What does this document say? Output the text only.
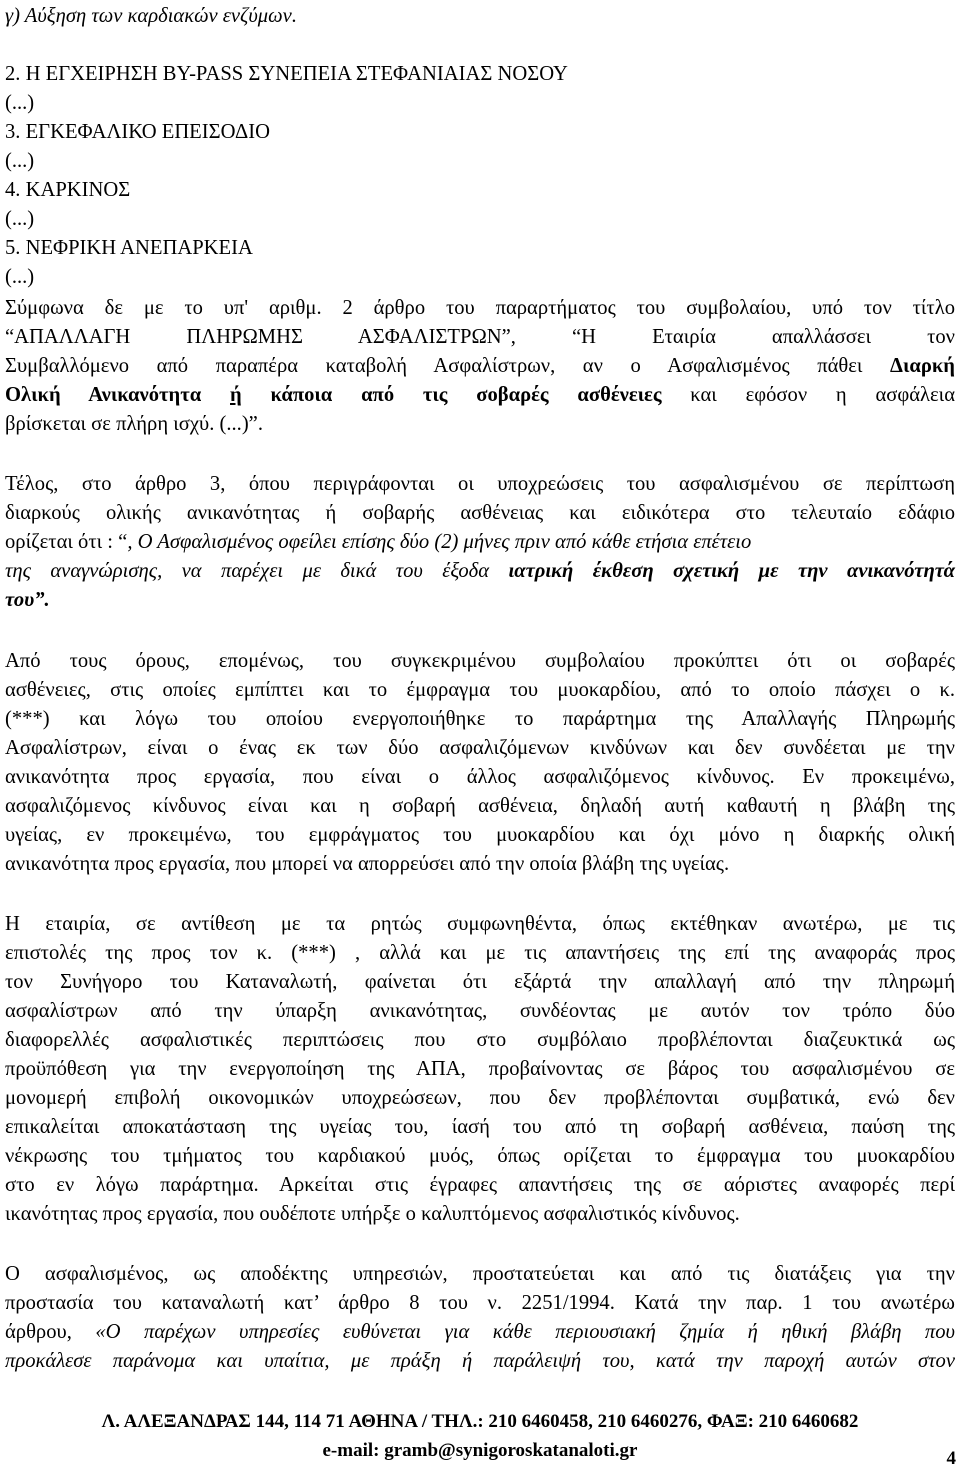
γ) Αύξηση των καρδιακών ενζύμων.
2. Η ΕΓΧΕΙΡΗΣΗ BY-PASS ΣΥΝΕΠΕΙΑ ΣΤΕΦΑΝΙΑΙΑΣ ΝΟΣΟΥ
(...)
3. ΕΓΚΕΦΑΛΙΚΟ ΕΠΕΙΣΟΔΙΟ
(...)
4. ΚΑΡΚΙΝΟΣ
(...)
5. ΝΕΦΡΙΚΗ ΑΝΕΠΑΡΚΕΙΑ
(...)
Σύμφωνα δε με το υπ' αριθμ. 2 άρθρο του παραρτήματος του συμβολαίου, υπό τον τίτλο
“ΑΠΑΛΛΑΓΗ ΠΛΗΡΩΜΗΣ ΑΣΦΑΛΙΣΤΡΩΝ”, “Η Εταιρία απαλλάσσει τον
Συμβαλλόμενο από παραπέρα καταβολή Ασφαλίστρων, αν ο Ασφαλισμένος πάθει Διαρκή
Ολική Ανικανότητα ή κάποια από τις σοβαρές ασθένειες και εφόσον η ασφάλεια
βρίσκεται σε πλήρη ισχύ. (...)”.
Τέλος, στο άρθρο 3, όπου περιγράφονται οι υποχρεώσεις του ασφαλισμένου σε περίπτωση
διαρκούς ολικής ανικανότητας ή σοβαρής ασθένειας και ειδικότερα στο τελευταίο εδάφιο
ορίζεται ότι : “, Ο Ασφαλισμένος οφείλει επίσης δύο (2) μήνες πριν από κάθε ετήσια επέτειο
της αναγνώρισης, να παρέχει με δικά του έξοδα ιατρική έκθεση σχετική με την ανικανότητά
του”.
Από τους όρους, επομένως, του συγκεκριμένου συμβολαίου προκύπτει ότι οι σοβαρές
ασθένειες, στις οποίες εμπίπτει και το έμφραγμα του μυοκαρδίου, από το οποίο πάσχει ο κ.
(***) και λόγω του οποίου ενεργοποιήθηκε το παράρτημα της Απαλλαγής Πληρωμής
Ασφαλίστρων, είναι ο ένας εκ των δύο ασφαλιζόμενων κινδύνων και δεν συνδέεται με την
ανικανότητα προς εργασία, που είναι ο άλλος ασφαλιζόμενος κίνδυνος. Εν προκειμένω,
ασφαλιζόμενος κίνδυνος είναι και η σοβαρή ασθένεια, δηλαδή αυτή καθαυτή η βλάβη της
υγείας, εν προκειμένω, του εμφράγματος του μυοκαρδίου και όχι μόνο η διαρκής ολική
ανικανότητα προς εργασία, που μπορεί να απορρεύσει από την οποία βλάβη της υγείας.
Η εταιρία, σε αντίθεση με τα ρητώς συμφωνηθέντα, όπως εκτέθηκαν ανωτέρω, με τις
επιστολές της προς τον κ. (***) , αλλά και με τις απαντήσεις της επί της αναφοράς προς
τον Συνήγορο του Καταναλωτή, φαίνεται ότι εξάρτά την απαλλαγή από την πληρωμή
ασφαλίστρων από την ύπαρξη ανικανότητας, συνδέοντας με αυτόν τον τρόπο δύο
διαφορελλές ασφαλιστικές περιπτώσεις που στο συμβόλαιο προβλέπονται διαζευκτικά ως
προϋπόθεση για την ενεργοποίηση της ΑΠΑ, προβαίνοντας σε βάρος του ασφαλισμένου σε
μονομερή επιβολή οικονομικών υποχρεώσεων, που δεν προβλέπονται συμβατικά, ενώ δεν
επικαλείται αποκατάσταση της υγείας του, ίασή του από τη σοβαρή ασθένεια, παύση της
νέκρωσης του τμήματος του καρδιακού μυός, όπως ορίζεται το έμφραγμα του μυοκαρδίου
στο εν λόγω παράρτημα. Αρκείται στις έγραφες απαντήσεις της σε αόριστες αναφορές περί
ικανότητας προς εργασία, που ουδέποτε υπήρξε ο καλυπτόμενος ασφαλιστικός κίνδυνος.
Ο ασφαλισμένος, ως αποδέκτης υπηρεσιών, προστατεύεται και από τις διατάξεις για την
προστασία του καταναλωτή κατ’ άρθρο 8 του ν. 2251/1994. Κατά την παρ. 1 του ανωτέρω
άρθρου, «Ο παρέχων υπηρεσίες ευθύνεται για κάθε περιουσιακή ζημία ή ηθική βλάβη που
προκάλεσε παράνομα και υπαίτια, με πράξη ή παράλειψή του, κατά την παροχή αυτών στον
Λ. ΑΛΕΞΑΝΔΡΑΣ 144, 114 71 ΑΘΗΝΑ / ΤΗΛ.: 210 6460458, 210 6460276, ΦΑΞ: 210 6460682
e-mail: gramb@synigoroskatanaloti.gr	4
